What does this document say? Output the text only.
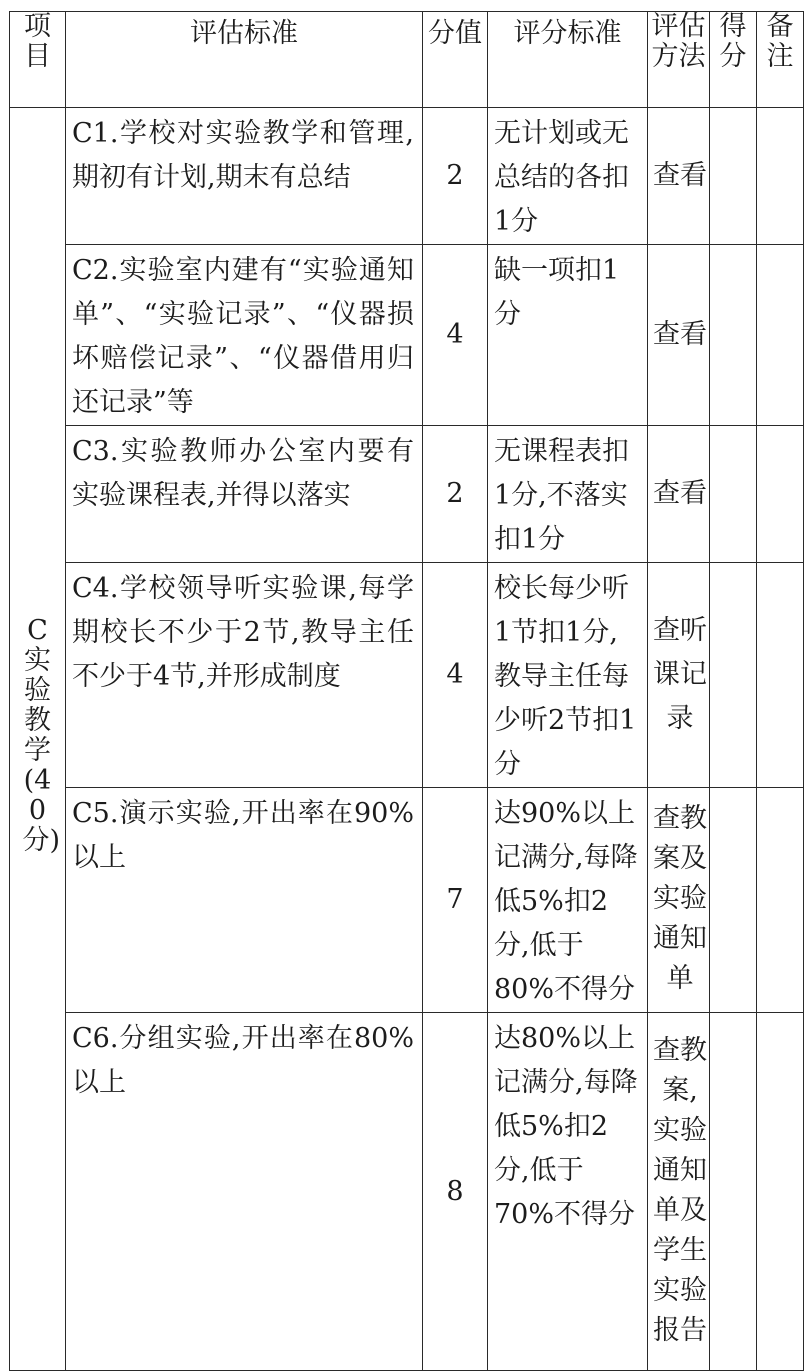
项目	评估标准	分值	评分标准	评估方法	得分	备注
C实验教学(40分)	C1.学校对实验教学和管理,期初有计划,期末有总结	2	无计划或无总结的各扣1分	查看		
	C2.实验室内建有“实验通知单”、“实验记录”、“仪器损坏赔偿记录”、“仪器借用归还记录”等	4	缺一项扣1分	查看		
	C3.实验教师办公室内要有实验课程表,并得以落实	2	无课程表扣1分,不落实扣1分	查看		
	C4.学校领导听实验课,每学期校长不少于2节,教导主任不少于4节,并形成制度	4	校长每少听1节扣1分,教导主任每少听2节扣1分	查听课记录		
	C5.演示实验,开出率在90%以上	7	达90%以上记满分,每降低5%扣2分,低于80%不得分	查教案及实验通知单		
	C6.分组实验,开出率在80%以上	8	达80%以上记满分,每降低5%扣2分,低于70%不得分	查教案,实验通知单及学生实验报告		
